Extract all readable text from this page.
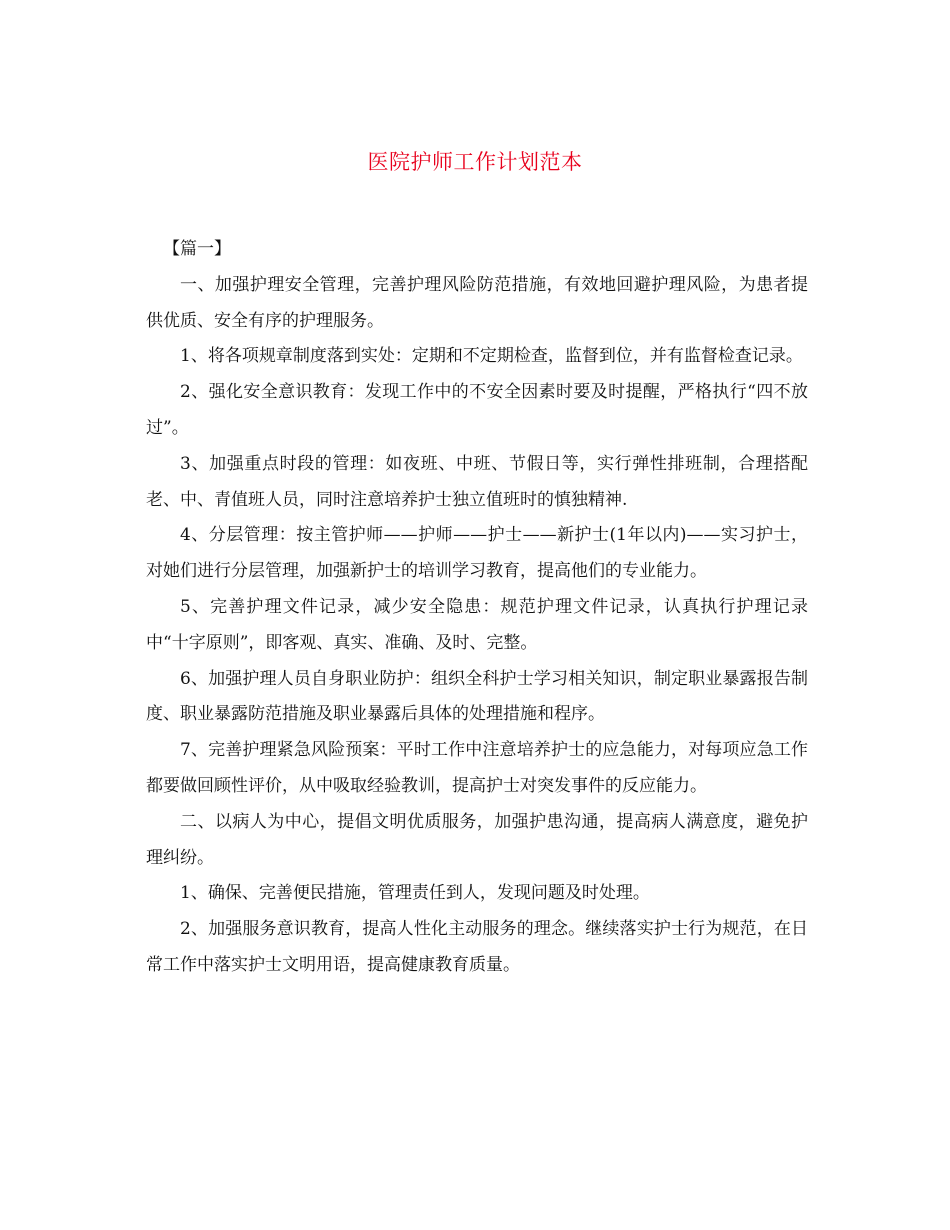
医院护师工作计划范本

【篇一】

一、加强护理安全管理，完善护理风险防范措施，有效地回避护理风险，为患者提供优质、安全有序的护理服务。

1、将各项规章制度落到实处：定期和不定期检查，监督到位，并有监督检查记录。

2、强化安全意识教育：发现工作中的不安全因素时要及时提醒，严格执行“四不放过”。

3、加强重点时段的管理：如夜班、中班、节假日等，实行弹性排班制，合理搭配老、中、青值班人员，同时注意培养护士独立值班时的慎独精神.

4、分层管理：按主管护师——护师——护士——新护士(1年以内)——实习护士，对她们进行分层管理，加强新护士的培训学习教育，提高他们的专业能力。

5、完善护理文件记录，减少安全隐患：规范护理文件记录，认真执行护理记录中“十字原则”，即客观、真实、准确、及时、完整。

6、加强护理人员自身职业防护：组织全科护士学习相关知识，制定职业暴露报告制度、职业暴露防范措施及职业暴露后具体的处理措施和程序。

7、完善护理紧急风险预案：平时工作中注意培养护士的应急能力，对每项应急工作都要做回顾性评价，从中吸取经验教训，提高护士对突发事件的反应能力。

二、以病人为中心，提倡文明优质服务，加强护患沟通，提高病人满意度，避免护理纠纷。

1、确保、完善便民措施，管理责任到人，发现问题及时处理。

2、加强服务意识教育，提高人性化主动服务的理念。继续落实护士行为规范，在日常工作中落实护士文明用语，提高健康教育质量。
